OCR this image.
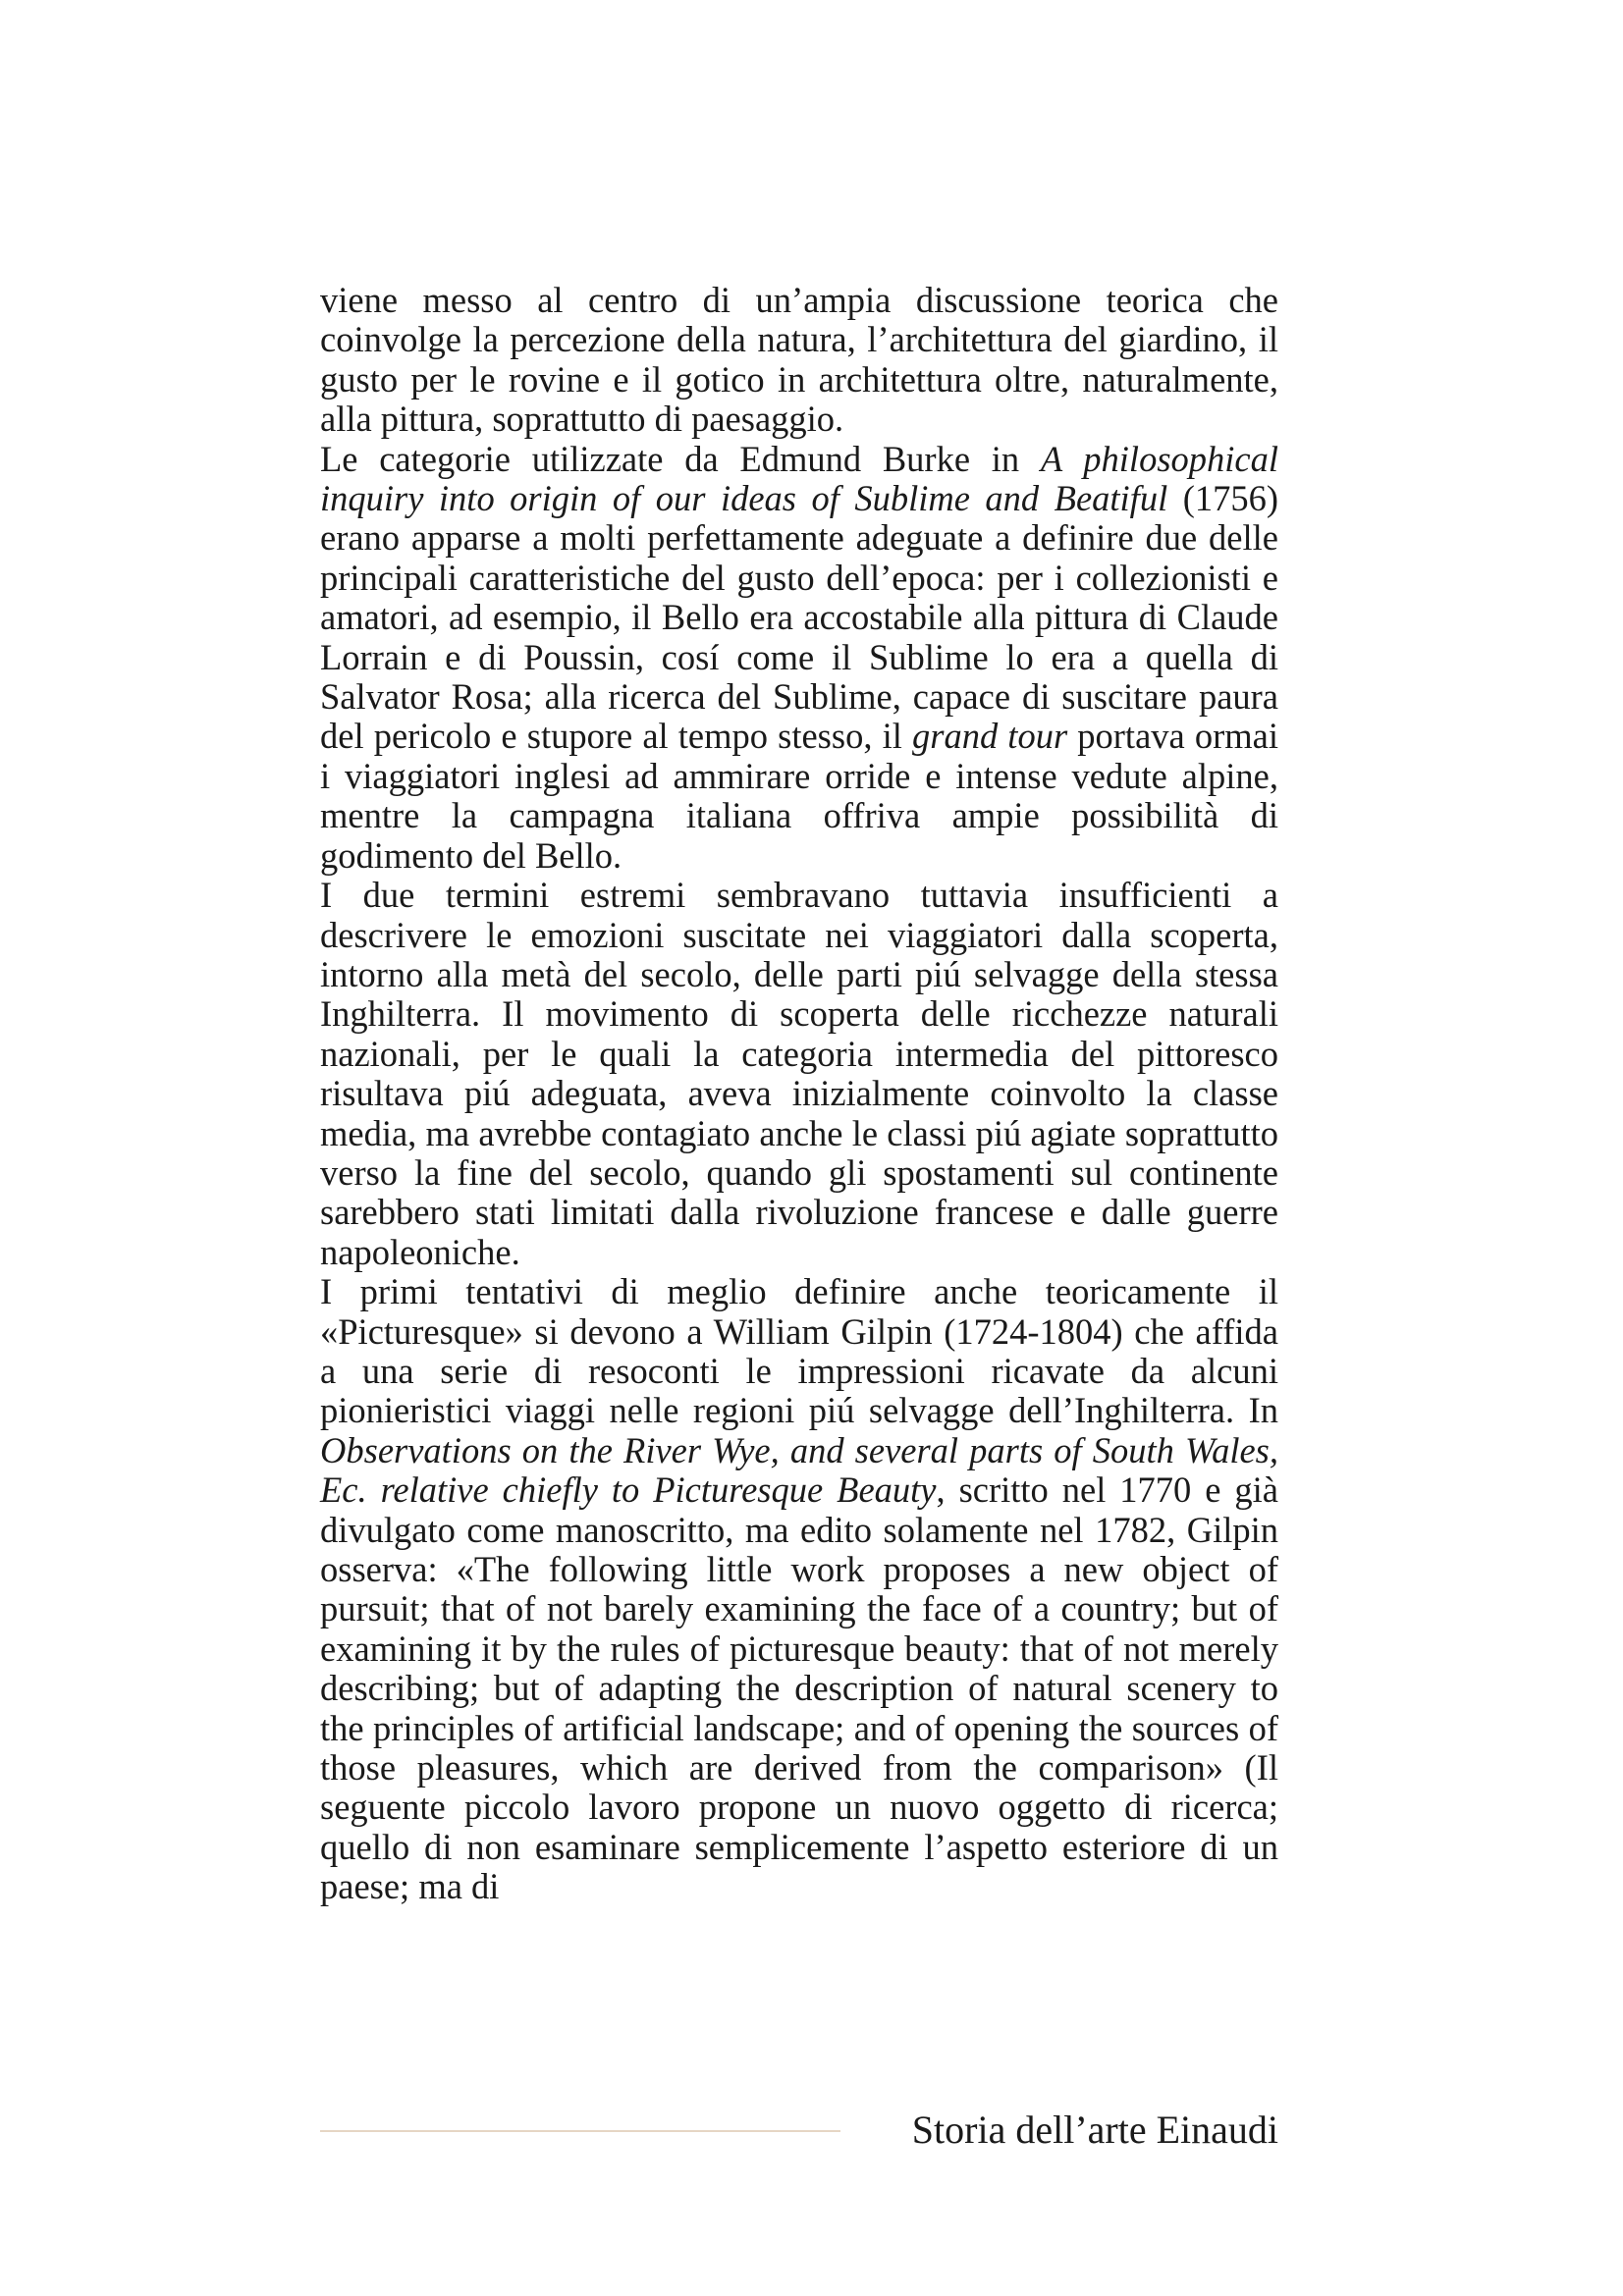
viene messo al centro di un’ampia discussione teorica che coinvolge la percezione della natura, l’architettura del giardino, il gusto per le rovine e il gotico in architettura oltre, naturalmente, alla pittura, soprattutto di paesaggio.

Le categorie utilizzate da Edmund Burke in A philosophical inquiry into origin of our ideas of Sublime and Beatiful (1756) erano apparse a molti perfettamente adeguate a definire due delle principali caratteristiche del gusto dell’epoca: per i collezionisti e amatori, ad esempio, il Bello era accostabile alla pittura di Claude Lorrain e di Poussin, cosí come il Sublime lo era a quella di Salvator Rosa; alla ricerca del Sublime, capace di suscitare paura del pericolo e stupore al tempo stesso, il grand tour portava ormai i viaggiatori inglesi ad ammirare orride e intense vedute alpine, mentre la campagna italiana offriva ampie possibilità di godimento del Bello.

I due termini estremi sembravano tuttavia insufficienti a descrivere le emozioni suscitate nei viaggiatori dalla scoperta, intorno alla metà del secolo, delle parti piú selvagge della stessa Inghilterra. Il movimento di scoperta delle ricchezze naturali nazionali, per le quali la categoria intermedia del pittoresco risultava piú adeguata, aveva inizialmente coinvolto la classe media, ma avrebbe contagiato anche le classi piú agiate soprattutto verso la fine del secolo, quando gli spostamenti sul continente sarebbero stati limitati dalla rivoluzione francese e dalle guerre napoleoniche.

I primi tentativi di meglio definire anche teoricamente il «Picturesque» si devono a William Gilpin (1724-1804) che affida a una serie di resoconti le impressioni ricavate da alcuni pionieristici viaggi nelle regioni piú selvagge dell’Inghilterra. In Observations on the River Wye, and several parts of South Wales, Ec. relative chiefly to Picturesque Beauty, scritto nel 1770 e già divulgato come manoscritto, ma edito solamente nel 1782, Gilpin osserva: «The following little work proposes a new object of pursuit; that of not barely examining the face of a country; but of examining it by the rules of picturesque beauty: that of not merely describing; but of adapting the description of natural scenery to the principles of artificial landscape; and of opening the sources of those pleasures, which are derived from the comparison» (Il seguente piccolo lavoro propone un nuovo oggetto di ricerca; quello di non esaminare semplicemente l’aspetto esteriore di un paese; ma di

Storia dell’arte Einaudi
